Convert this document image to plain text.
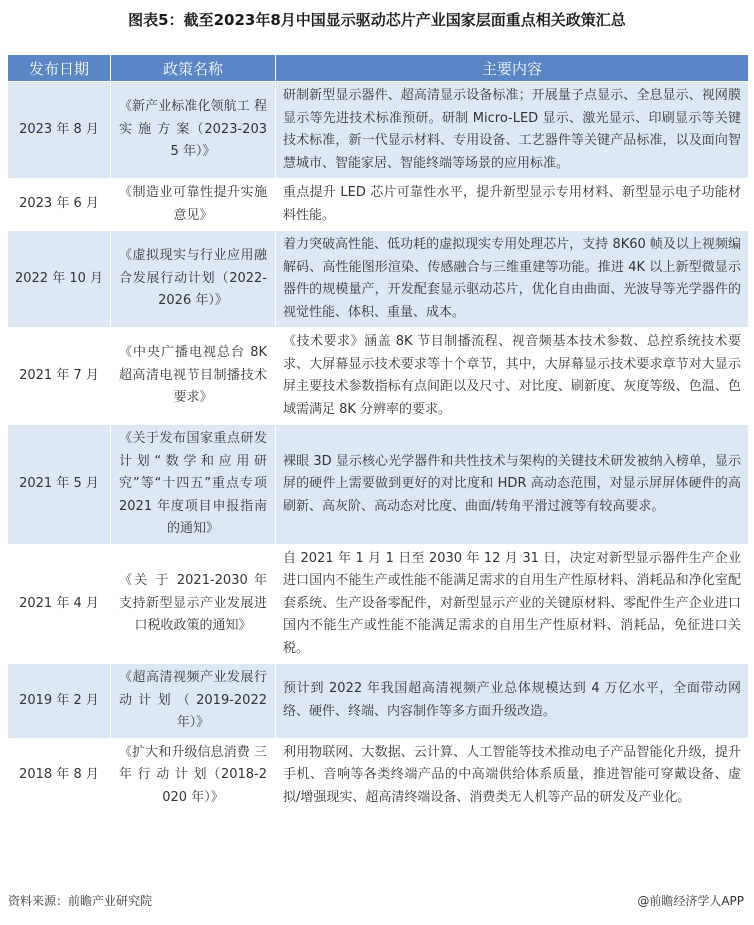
图表5：截至2023年8月中国显示驱动芯片产业国家层面重点相关政策汇总
发布日期	政策名称	主要内容
2023 年 8 月	《新产业标准化领航工 程 实 施 方 案（2023-2035 年）》	研制新型显示器件、超高清显示设备标准；开展量子点显示、全息显示、视网膜显示等先进技术标准预研。研制 Micro-LED 显示、激光显示、印刷显示等关键技术标准，新一代显示材料、专用设备、工艺器件等关键产品标准，以及面向智慧城市、智能家居、智能终端等场景的应用标准。
2023 年 6 月	《制造业可靠性提升实施意见》	重点提升 LED 芯片可靠性水平，提升新型显示专用材料、新型显示电子功能材料性能。
2022 年 10 月	《虚拟现实与行业应用融合发展行动计划（2022-2026 年）》	着力突破高性能、低功耗的虚拟现实专用处理芯片，支持 8K60 帧及以上视频编解码、高性能图形渲染、传感融合与三维重建等功能。推进 4K 以上新型微显示器件的规模量产，开发配套显示驱动芯片，优化自由曲面、光波导等光学器件的视觉性能、体积、重量、成本。
2021 年 7 月	《中央广播电视总台 8K 超高清电视节目制播技术要求》	《技术要求》涵盖 8K 节目制播流程、视音频基本技术参数、总控系统技术要求、大屏幕显示技术要求等十个章节，其中，大屏幕显示技术要求章节对大显示屏主要技术参数指标有点间距以及尺寸、对比度、刷新度、灰度等级、色温、色域需满足 8K 分辨率的要求。
2021 年 5 月	《关于发布国家重点研发计划“数学和应用研究”等“十四五”重点专项 2021 年度项目申报指南的通知》	裸眼 3D 显示核心光学器件和共性技术与架构的关键技术研发被纳入榜单，显示屏的硬件上需要做到更好的对比度和 HDR 高动态范围，对显示屏屏体硬件的高刷新、高灰阶、高动态对比度、曲面/转角平滑过渡等有较高要求。
2021 年 4 月	《关 于 2021-2030 年支持新型显示产业发展进口税收政策的通知》	自 2021 年 1 月 1 日至 2030 年 12 月 31 日，决定对新型显示器件生产企业进口国内不能生产或性能不能满足需求的自用生产性原材料、消耗品和净化室配套系统、生产设备零配件，对新型显示产业的关键原材料、零配件生产企业进口国内不能生产或性能不能满足需求的自用生产性原材料、消耗品，免征进口关税。
2019 年 2 月	《超高清视频产业发展行动计划（2019-2022 年）》	预计到 2022 年我国超高清视频产业总体规模达到 4 万亿水平，全面带动网络、硬件、终端、内容制作等多方面升级改造。
2018 年 8 月	《扩大和升级信息消费 三 年 行 动 计 划（2018-2020 年）》	利用物联网、大数据、云计算、人工智能等技术推动电子产品智能化升级，提升手机、音响等各类终端产品的中高端供给体系质量，推进智能可穿戴设备、虚拟/增强现实、超高清终端设备、消费类无人机等产品的研发及产业化。
资料来源：前瞻产业研究院	@前瞻经济学人APP
